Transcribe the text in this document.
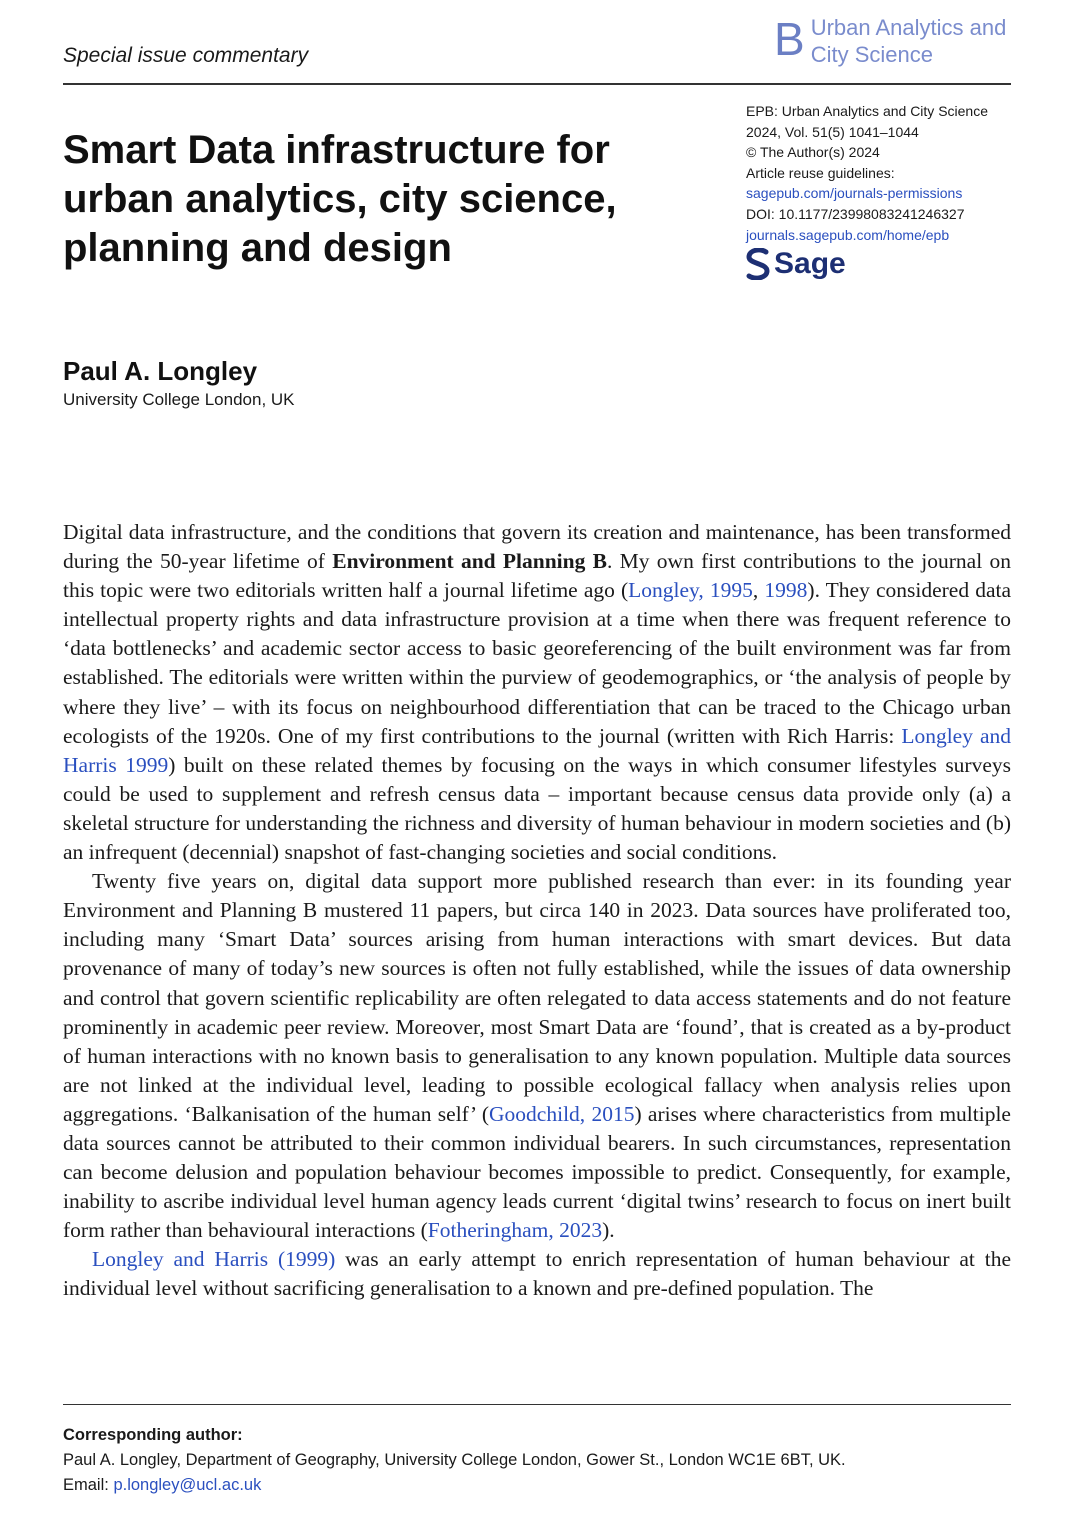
Special issue commentary	B Urban Analytics and
City Science
Smart Data infrastructure for urban analytics, city science, planning and design
EPB: Urban Analytics and City Science
2024, Vol. 51(5) 1041–1044
© The Author(s) 2024
Article reuse guidelines:
sagepub.com/journals-permissions
DOI: 10.1177/23998083241246327
journals.sagepub.com/home/epb
Sage
Paul A. Longley
University College London, UK

Digital data infrastructure, and the conditions that govern its creation and maintenance, has been transformed during the 50-year lifetime of Environment and Planning B. My own first contributions to the journal on this topic were two editorials written half a journal lifetime ago (Longley, 1995, 1998). They considered data intellectual property rights and data infrastructure provision at a time when there was frequent reference to ‘data bottlenecks’ and academic sector access to basic georeferencing of the built environment was far from established. The editorials were written within the purview of geodemographics, or ‘the analysis of people by where they live’ – with its focus on neighbourhood differentiation that can be traced to the Chicago urban ecologists of the 1920s. One of my first contributions to the journal (written with Rich Harris: Longley and Harris 1999) built on these related themes by focusing on the ways in which consumer lifestyles surveys could be used to supplement and refresh census data – important because census data provide only (a) a skeletal structure for understanding the richness and diversity of human behaviour in modern societies and (b) an infrequent (decennial) snapshot of fast-changing societies and social conditions.

Twenty five years on, digital data support more published research than ever: in its founding year Environment and Planning B mustered 11 papers, but circa 140 in 2023. Data sources have proliferated too, including many ‘Smart Data’ sources arising from human interactions with smart devices. But data provenance of many of today’s new sources is often not fully established, while the issues of data ownership and control that govern scientific replicability are often relegated to data access statements and do not feature prominently in academic peer review. Moreover, most Smart Data are ‘found’, that is created as a by-product of human interactions with no known basis to generalisation to any known population. Multiple data sources are not linked at the individual level, leading to possible ecological fallacy when analysis relies upon aggregations. ‘Balkanisation of the human self’ (Goodchild, 2015) arises where characteristics from multiple data sources cannot be attributed to their common individual bearers. In such circumstances, representation can become delusion and population behaviour becomes impossible to predict. Consequently, for example, inability to ascribe individual level human agency leads current ‘digital twins’ research to focus on inert built form rather than behavioural interactions (Fotheringham, 2023).

Longley and Harris (1999) was an early attempt to enrich representation of human behaviour at the individual level without sacrificing generalisation to a known and pre-defined population. The

Corresponding author:
Paul A. Longley, Department of Geography, University College London, Gower St., London WC1E 6BT, UK.
Email: p.longley@ucl.ac.uk
